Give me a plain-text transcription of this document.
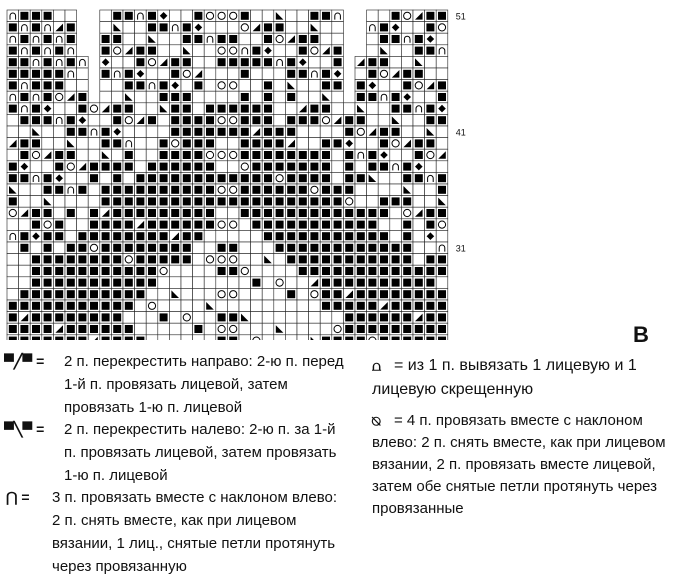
51
41
31
В
▀╱▀ = 2 п. перекрестить направо: 2-ю п. перед 1-й п. провязать лицевой, затем провязать 1-ю п. лицевой
▀╲▀ = 2 п. перекрестить налево: 2-ю п. за 1-й п. провязать лицевой, затем провязать 1-ю п. лицевой
⋂ = 3 п. провязать вместе с наклоном влево: 2 п. снять вместе, как при лицевом вязании, 1 лиц., снятые петли протянуть через провязанную
⩍ = из 1 п. вывязать 1 лицевую и 1 лицевую скрещенную
⍉ = 4 п. провязать вместе с наклоном влево: 2 п. снять вместе, как при лицевом вязании, 2 п. провязать вместе лицевой, затем обе снятые петли протянуть через провязанные
